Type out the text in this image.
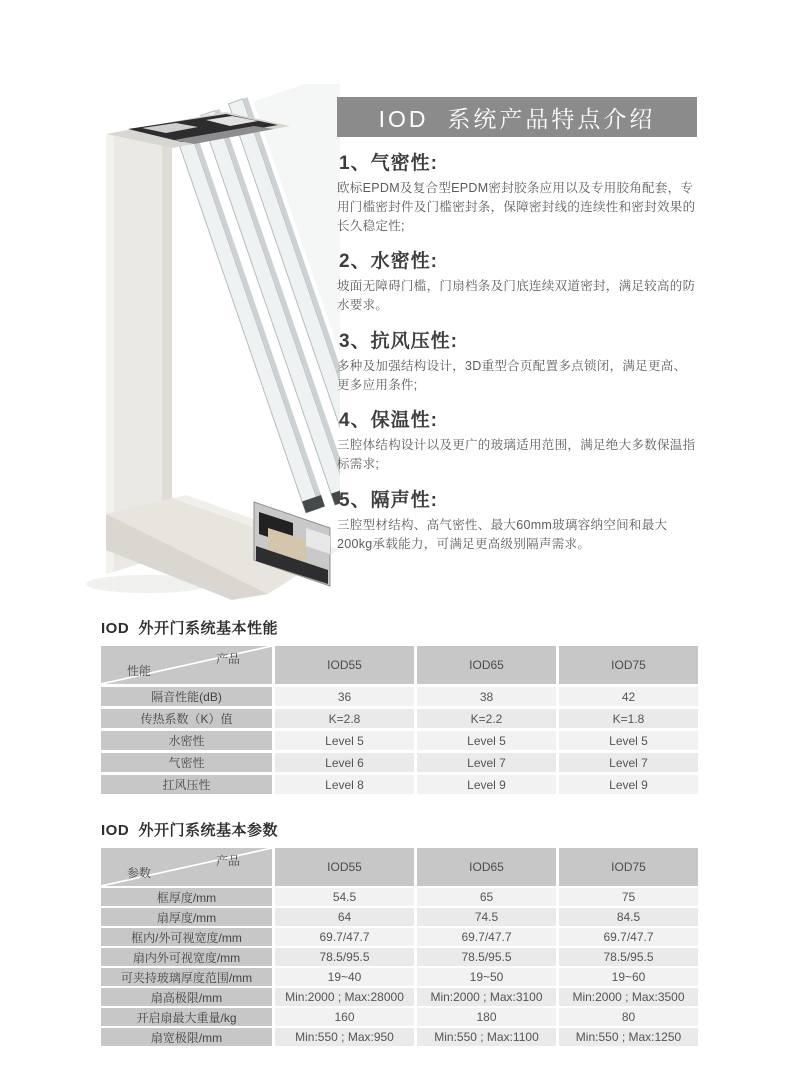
IOD  系统产品特点介绍
1、气密性:

欧标EPDM及复合型EPDM密封胶条应用以及专用胶角配套，专用门槛密封件及门槛密封条，保障密封线的连续性和密封效果的长久稳定性;

2、水密性:

坡面无障碍门槛，门扇档条及门底连续双道密封，满足较高的防水要求。

3、抗风压性:

多种及加强结构设计，3D重型合页配置多点锁闭，满足更高、更多应用条件;

4、保温性:

三腔体结构设计以及更广的玻璃适用范围，满足绝大多数保温指标需求;

5、隔声性:

三腔型材结构、高气密性、最大60mm玻璃容纳空间和最大200kg承载能力，可满足更高级别隔声需求。

IOD  外开门系统基本性能
产品
性能	IOD55	IOD65	IOD75
隔音性能(dB)	36	38	42
传热系数（K）值	K=2.8	K=2.2	K=1.8
水密性	Level 5	Level 5	Level 5
气密性	Level 6	Level 7	Level 7
扛风压性	Level 8	Level 9	Level 9
IOD  外开门系统基本参数
产品
参数	IOD55	IOD65	IOD75
框厚度/mm	54.5	65	75
扇厚度/mm	64	74.5	84.5
框内/外可视宽度/mm	69.7/47.7	69.7/47.7	69.7/47.7
扇内外可视宽度/mm	78.5/95.5	78.5/95.5	78.5/95.5
可夹持玻璃厚度范围/mm	19~40	19~50	19~60
扇高极限/mm	Min:2000 ; Max:28000	Min:2000 ; Max:3100	Min:2000 ; Max:3500
开启扇最大重量/kg	160	180	80
扇宽极限/mm	Min:550 ; Max:950	Min:550 ; Max:1100	Min:550 ; Max:1250
